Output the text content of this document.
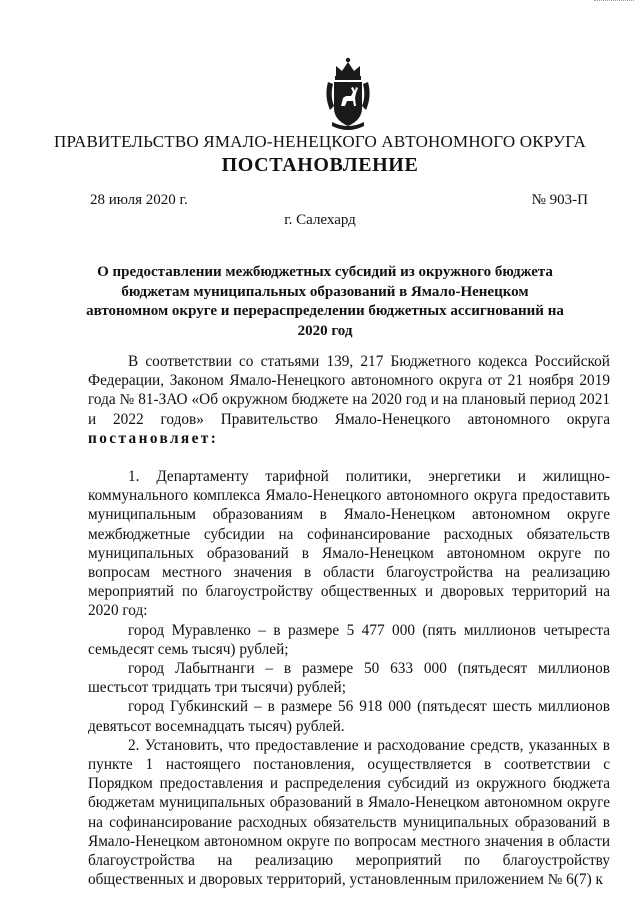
ПРАВИТЕЛЬСТВО ЯМАЛО-НЕНЕЦКОГО АВТОНОМНОГО ОКРУГА
ПОСТАНОВЛЕНИЕ
28 июля 2020 г.	№ 903-П
г. Салехард
О предоставлении межбюджетных субсидий из окружного бюджета бюджетам муниципальных образований в Ямало-Ненецком автономном округе и перераспределении бюджетных ассигнований на 2020 год

В соответствии со статьями 139, 217 Бюджетного кодекса Российской Федерации, Законом Ямало-Ненецкого автономного округа от 21 ноября 2019 года № 81-ЗАО «Об окружном бюджете на 2020 год и на плановый период 2021 и 2022 годов» Правительство Ямало-Ненецкого автономного округа постановляет:

1. Департаменту тарифной политики, энергетики и жилищно-коммунального комплекса Ямало-Ненецкого автономного округа предоставить муниципальным образованиям в Ямало-Ненецком автономном округе межбюджетные субсидии на софинансирование расходных обязательств муниципальных образований в Ямало-Ненецком автономном округе по вопросам местного значения в области благоустройства на реализацию мероприятий по благоустройству общественных и дворовых территорий на 2020 год:

город Муравленко – в размере 5 477 000 (пять миллионов четыреста семьдесят семь тысяч) рублей;

город Лабытнанги – в размере 50 633 000 (пятьдесят миллионов шестьсот тридцать три тысячи) рублей;

город Губкинский – в размере 56 918 000 (пятьдесят шесть миллионов девятьсот восемнадцать тысяч) рублей.

2. Установить, что предоставление и расходование средств, указанных в пункте 1 настоящего постановления, осуществляется в соответствии с Порядком предоставления и распределения субсидий из окружного бюджета бюджетам муниципальных образований в Ямало-Ненецком автономном округе на софинансирование расходных обязательств муниципальных образований в Ямало-Ненецком автономном округе по вопросам местного значения в области благоустройства на реализацию мероприятий по благоустройству общественных и дворовых территорий, установленным приложением № 6(7) к
